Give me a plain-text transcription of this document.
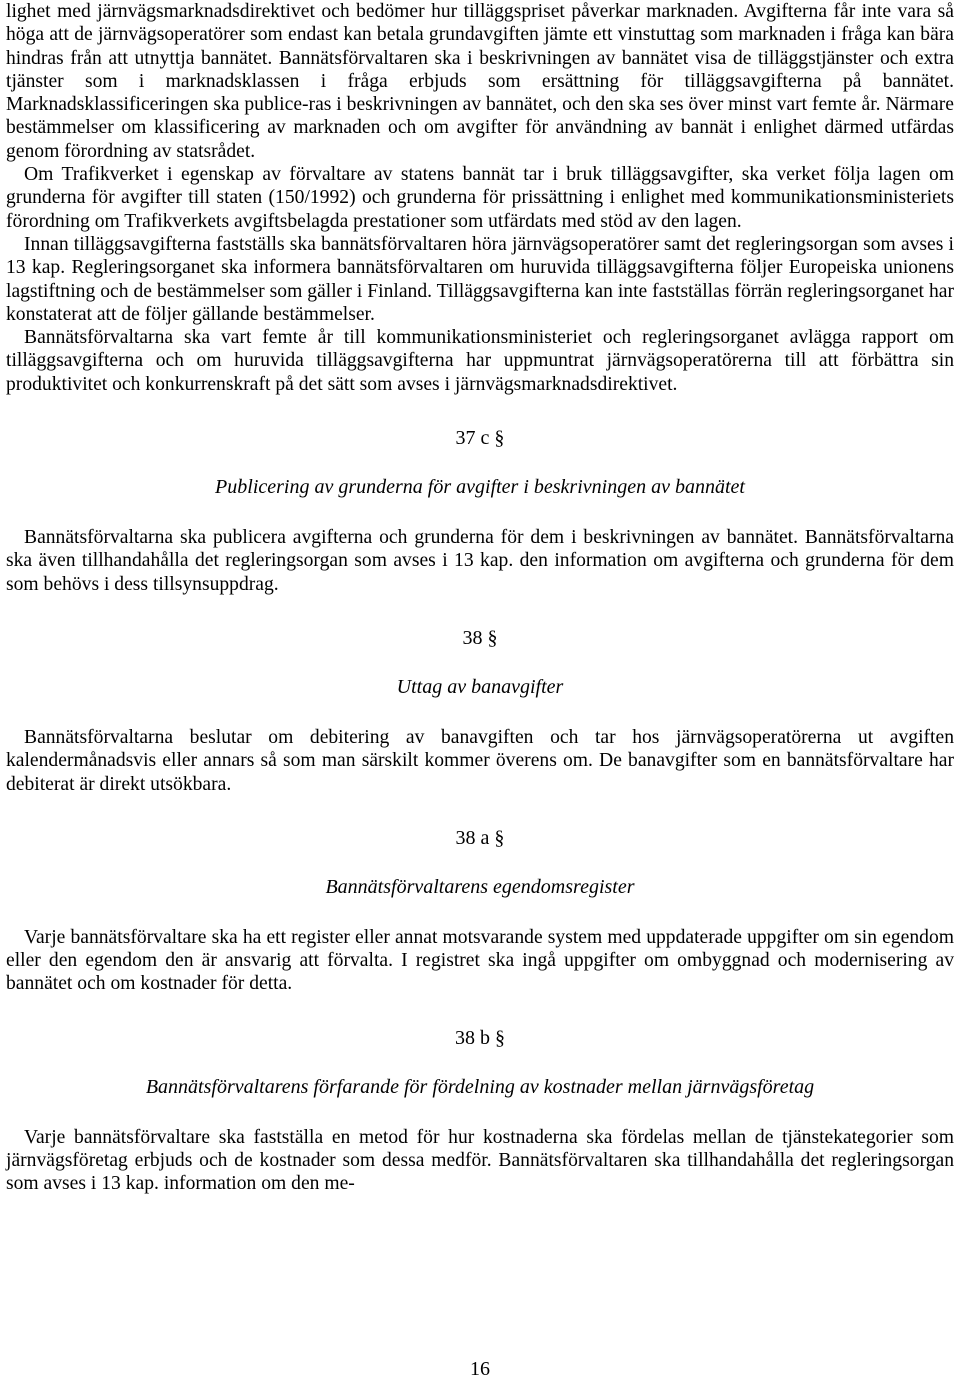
lighet med järnvägsmarknadsdirektivet och bedömer hur tilläggspriset påverkar marknaden. Avgifterna får inte vara så höga att de järnvägsoperatörer som endast kan betala grundavgiften jämte ett vinstuttag som marknaden i fråga kan bära hindras från att utnyttja bannätet. Bannätsförvaltaren ska i beskrivningen av bannätet visa de tilläggstjänster och extra tjänster som i marknadsklassen i fråga erbjuds som ersättning för tilläggsavgifterna på bannätet. Marknadsklassificeringen ska publice-ras i beskrivningen av bannätet, och den ska ses över minst vart femte år. Närmare bestämmelser om klassificering av marknaden och om avgifter för användning av bannät i enlighet därmed utfärdas genom förordning av statsrådet.

Om Trafikverket i egenskap av förvaltare av statens bannät tar i bruk tilläggsavgifter, ska verket följa lagen om grunderna för avgifter till staten (150/1992) och grunderna för prissättning i enlighet med kommunikationsministeriets förordning om Trafikverkets avgiftsbelagda prestationer som utfärdats med stöd av den lagen.

Innan tilläggsavgifterna fastställs ska bannätsförvaltaren höra järnvägsoperatörer samt det regleringsorgan som avses i 13 kap. Regleringsorganet ska informera bannätsförvaltaren om huruvida tilläggsavgifterna följer Europeiska unionens lagstiftning och de bestämmelser som gäller i Finland. Tilläggsavgifterna kan inte fastställas förrän regleringsorganet har konstaterat att de följer gällande bestämmelser.

Bannätsförvaltarna ska vart femte år till kommunikationsministeriet och regleringsorganet avlägga rapport om tilläggsavgifterna och om huruvida tilläggsavgifterna har uppmuntrat järnvägsoperatörerna till att förbättra sin produktivitet och konkurrenskraft på det sätt som avses i järnvägsmarknadsdirektivet.

37 c §
Publicering av grunderna för avgifter i beskrivningen av bannätet

Bannätsförvaltarna ska publicera avgifterna och grunderna för dem i beskrivningen av bannätet. Bannätsförvaltarna ska även tillhandahålla det regleringsorgan som avses i 13 kap. den information om avgifterna och grunderna för dem som behövs i dess tillsynsuppdrag.

38 §
Uttag av banavgifter

Bannätsförvaltarna beslutar om debitering av banavgiften och tar hos järnvägsoperatörerna ut avgiften kalendermånadsvis eller annars så som man särskilt kommer överens om. De banavgifter som en bannätsförvaltare har debiterat är direkt utsökbara.

38 a §
Bannätsförvaltarens egendomsregister

Varje bannätsförvaltare ska ha ett register eller annat motsvarande system med uppdaterade uppgifter om sin egendom eller den egendom den är ansvarig att förvalta. I registret ska ingå uppgifter om ombyggnad och modernisering av bannätet och om kostnader för detta.

38 b §
Bannätsförvaltarens förfarande för fördelning av kostnader mellan järnvägsföretag

Varje bannätsförvaltare ska fastställa en metod för hur kostnaderna ska fördelas mellan de tjänstekategorier som järnvägsföretag erbjuds och de kostnader som dessa medför. Bannätsförvaltaren ska tillhandahålla det regleringsorgan som avses i 13 kap. information om den me-

16
